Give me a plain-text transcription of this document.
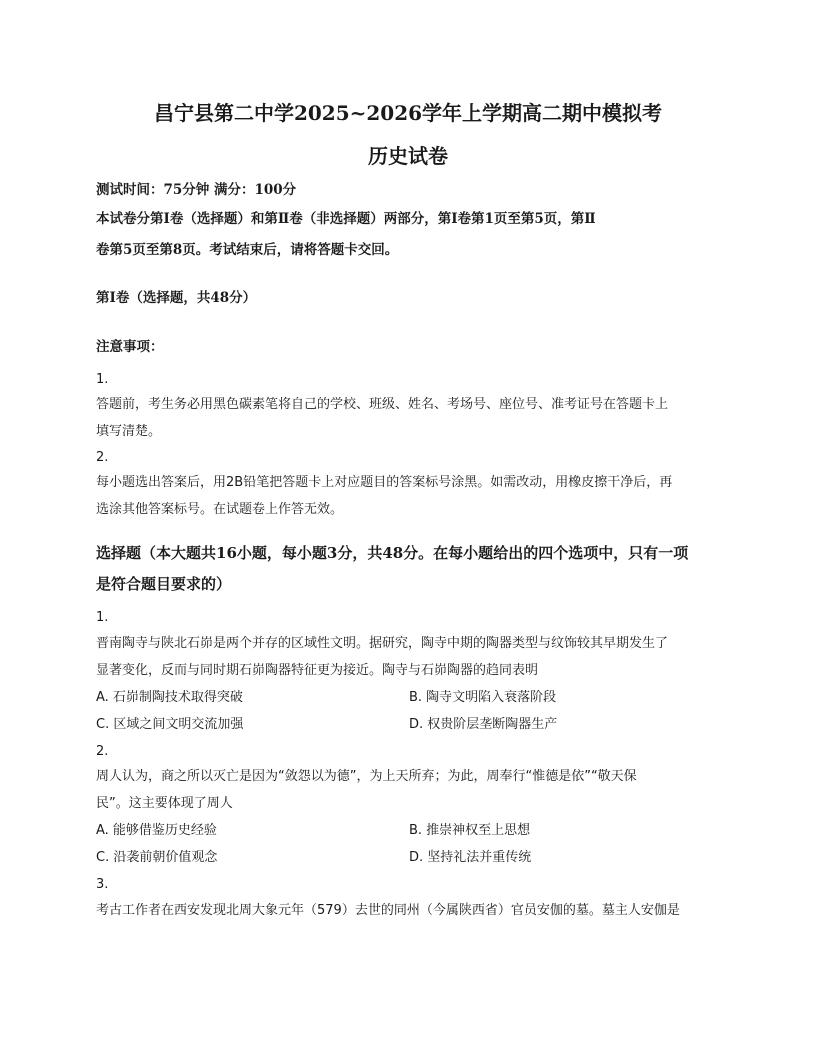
昌宁县第二中学2025~2026学年上学期高二期中模拟考
历史试卷

测试时间：75分钟 满分：100分

本试卷分第Ⅰ卷（选择题）和第Ⅱ卷（非选择题）两部分，第Ⅰ卷第1页至第5页，第Ⅱ

卷第5页至第8页。考试结束后，请将答题卡交回。

第Ⅰ卷（选择题，共48分）

注意事项：

1.

答题前，考生务必用黑色碳素笔将自己的学校、班级、姓名、考场号、座位号、准考证号在答题卡上

填写清楚。

2.

每小题选出答案后，用2B铅笔把答题卡上对应题目的答案标号涂黑。如需改动，用橡皮擦干净后，再

选涂其他答案标号。在试题卷上作答无效。

选择题（本大题共16小题，每小题3分，共48分。在每小题给出的四个选项中，只有一项

是符合题目要求的）

1.

晋南陶寺与陕北石峁是两个并存的区域性文明。据研究，陶寺中期的陶器类型与纹饰较其早期发生了

显著变化，反而与同时期石峁陶器特征更为接近。陶寺与石峁陶器的趋同表明

A. 石峁制陶技术取得突破	B. 陶寺文明陷入衰落阶段

C. 区域之间文明交流加强	D. 权贵阶层垄断陶器生产

2.

周人认为，商之所以灭亡是因为“敛怨以为德”，为上天所弃；为此，周奉行“惟德是依”“敬天保

民”。这主要体现了周人

A. 能够借鉴历史经验	B. 推崇神权至上思想

C. 沿袭前朝价值观念	D. 坚持礼法并重传统

3.

考古工作者在西安发现北周大象元年（579）去世的同州（今属陕西省）官员安伽的墓。墓主人安伽是
